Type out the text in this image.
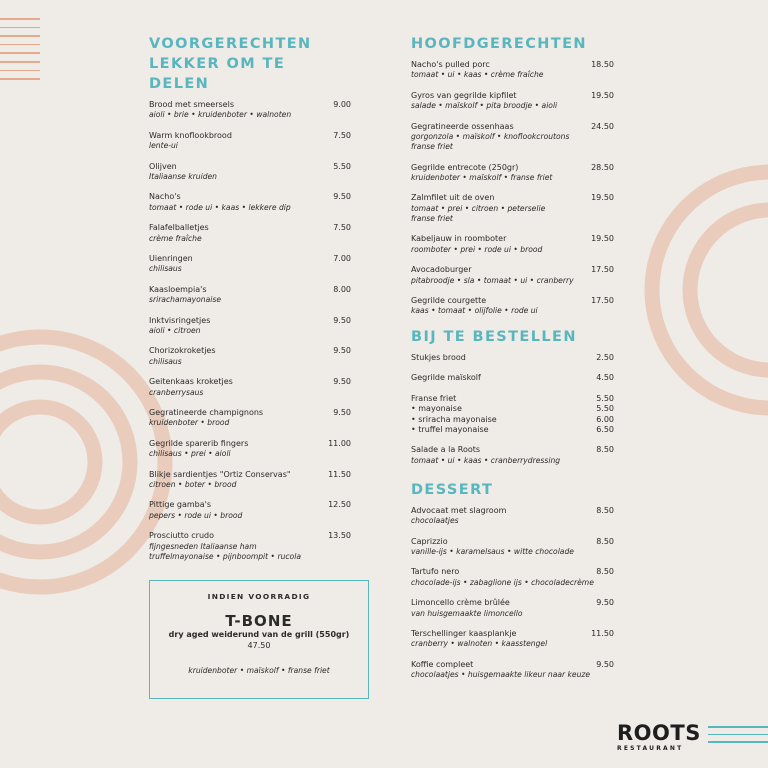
VOORGERECHTEN
LEKKER OM TE DELEN
Brood met smeersels	9.00
aioli • brie • kruidenboter • walnoten
Warm knoflookbrood	7.50
lente-ui
Olijven	5.50
Italiaanse kruiden
Nacho's	9.50
tomaat • rode ui • kaas • lekkere dip
Falafelballetjes	7.50
crème fraîche
Uienringen	7.00
chilisaus
Kaasloempia's	8.00
srirachamayonaise
Inktvisringetjes	9.50
aioli • citroen
Chorizokroketjes	9.50
chilisaus
Geitenkaas kroketjes	9.50
cranberrysaus
Gegratineerde champignons	9.50
kruidenboter • brood
Gegrilde sparerib fingers	11.00
chilisaus • prei • aioli
Blikje sardientjes "Ortiz Conservas"	11.50
citroen • boter • brood
Pittige gamba's	12.50
pepers • rode ui • brood
Prosciutto crudo	13.50
fijngesneden Italiaanse ham
truffelmayonaise • pijnboompit • rucola
INDIEN VOORRADIG
T-BONE
dry aged weiderund van de grill (550gr)
47.50
kruidenboter • maïskolf • franse friet
HOOFDGERECHTEN
Nacho's pulled porc	18.50
tomaat • ui • kaas • crème fraîche
Gyros van gegrilde kipfilet	19.50
salade • maïskolf • pita broodje • aioli
Gegratineerde ossenhaas	24.50
gorgonzola • maïskolf • knoflookcroutons
franse friet
Gegrilde entrecote (250gr)	28.50
kruidenboter • maïskolf • franse friet
Zalmfilet uit de oven	19.50
tomaat • prei • citroen • peterselie
franse friet
Kabeljauw in roomboter	19.50
roomboter • prei • rode ui • brood
Avocadoburger	17.50
pitabroodje • sla • tomaat • ui • cranberry
Gegrilde courgette	17.50
kaas • tomaat • olijfolie • rode ui
BIJ TE BESTELLEN
Stukjes brood	2.50
Gegrilde maïskolf	4.50
Franse friet	5.50
• mayonaise	5.50
• sriracha mayonaise	6.00
• truffel mayonaise	6.50
Salade a la Roots	8.50
tomaat • ui • kaas • cranberrydressing
DESSERT
Advocaat met slagroom	8.50
chocolaatjes
Caprizzio	8.50
vanille-ijs • karamelsaus • witte chocolade
Tartufo nero	8.50
chocolade-ijs • zabaglione ijs • chocoladecrème
Limoncello crème brûlée	9.50
van huisgemaakte limoncello
Terschellinger kaasplankje	11.50
cranberry • walnoten • kaasstengel
Koffie compleet	9.50
chocolaatjes • huisgemaakte likeur naar keuze
ROOTS
RESTAURANT
